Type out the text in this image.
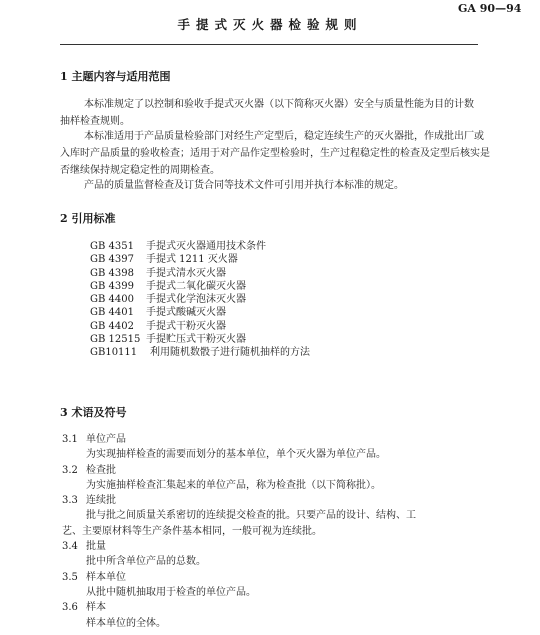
GA 90—94
手提式灭火器检验规则
1 主题内容与适用范围
本标准规定了以控制和验收手提式灭火器（以下简称灭火器）安全与质量性能为目的计数抽样检查规则。
本标准适用于产品质量检验部门对经生产定型后，稳定连续生产的灭火器批，作成批出厂或入库时产品质量的验收检查；适用于对产品作定型检验时，生产过程稳定性的检查及定型后核实是否继续保持规定稳定性的周期检查。
产品的质量监督检查及订货合同等技术文件可引用并执行本标准的规定。
2 引用标准
GB 4351	手提式灭火器通用技术条件
GB 4397	手提式 1211 灭火器
GB 4398	手提式清水灭火器
GB 4399	手提式二氧化碳灭火器
GB 4400	手提式化学泡沫灭火器
GB 4401	手提式酸碱灭火器
GB 4402	手提式干粉灭火器
GB 12515 手提贮压式干粉灭火器
GB10111	利用随机数骰子进行随机抽样的方法
3 术语及符号
3.1 单位产品
为实现抽样检查的需要而划分的基本单位，单个灭火器为单位产品。
3.2 检查批
为实施抽样检查汇集起来的单位产品，称为检查批（以下简称批）。
3.3 连续批
批与批之间质量关系密切的连续提交检查的批。只要产品的设计、结构、工
艺、主要原材料等生产条件基本相同，一般可视为连续批。
3.4 批量
批中所含单位产品的总数。
3.5 样本单位
从批中随机抽取用于检查的单位产品。
3.6 样本
样本单位的全体。
